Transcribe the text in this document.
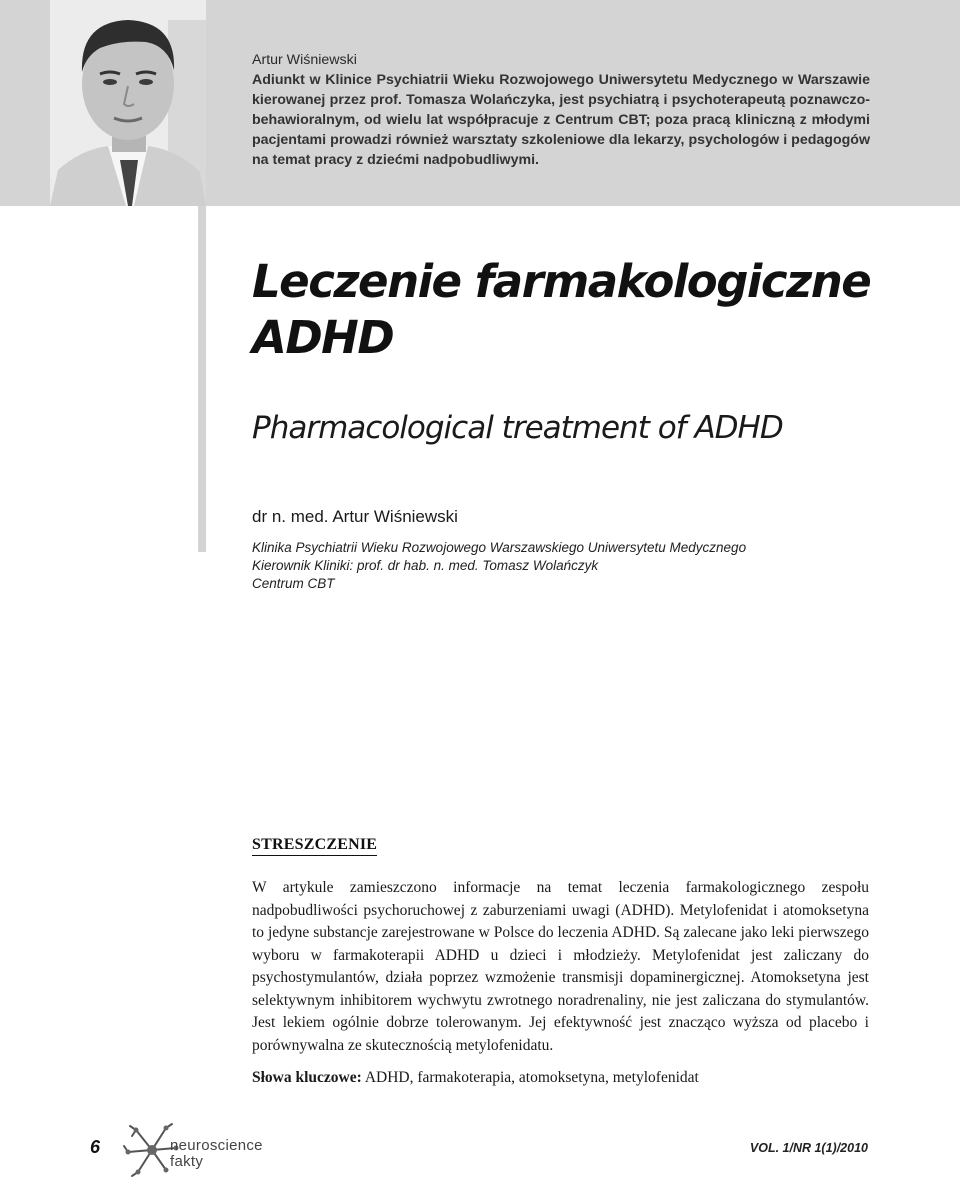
Artur Wiśniewski
Adiunkt w Klinice Psychiatrii Wieku Rozwojowego Uniwersytetu Medycznego w Warszawie kierowanej przez prof. Tomasza Wolańczyka, jest psychiatrą i psychoterapeutą poznawczo-behawioralnym, od wielu lat współpracuje z Centrum CBT; poza pracą kliniczną z młodymi pacjentami prowadzi również warsztaty szkoleniowe dla lekarzy, psychologów i pedagogów na temat pracy z dziećmi nadpobudliwymi.
Leczenie farmakologiczne
ADHD
Pharmacological treatment of ADHD
dr n. med. Artur Wiśniewski
Klinika Psychiatrii Wieku Rozwojowego Warszawskiego Uniwersytetu Medycznego
Kierownik Kliniki: prof. dr hab. n. med. Tomasz Wolańczyk
Centrum CBT
STRESZCZENIE
W artykule zamieszczono informacje na temat leczenia farmakologicznego zespołu nadpobudliwości psychoruchowej z zaburzeniami uwagi (ADHD). Metylofenidat i atomoksetyna to jedyne substancje zarejestrowane w Polsce do leczenia ADHD. Są zalecane jako leki pierwszego wyboru w farmakoterapii ADHD u dzieci i młodzieży. Metylofenidat jest zaliczany do psychostymulantów, działa poprzez wzmożenie transmisji dopaminergicznej. Atomoksetyna jest selektywnym inhibitorem wychwytu zwrotnego noradrenaliny, nie jest zaliczana do stymulantów. Jest lekiem ogólnie dobrze tolerowanym. Jej efektywność jest znacząco wyższa od placebo i porównywalna ze skutecznością metylofenidatu.
Słowa kluczowe: ADHD, farmakoterapia, atomoksetyna, metylofenidat
6	neuroscience
fakty
VOL. 1/NR 1(1)/2010
